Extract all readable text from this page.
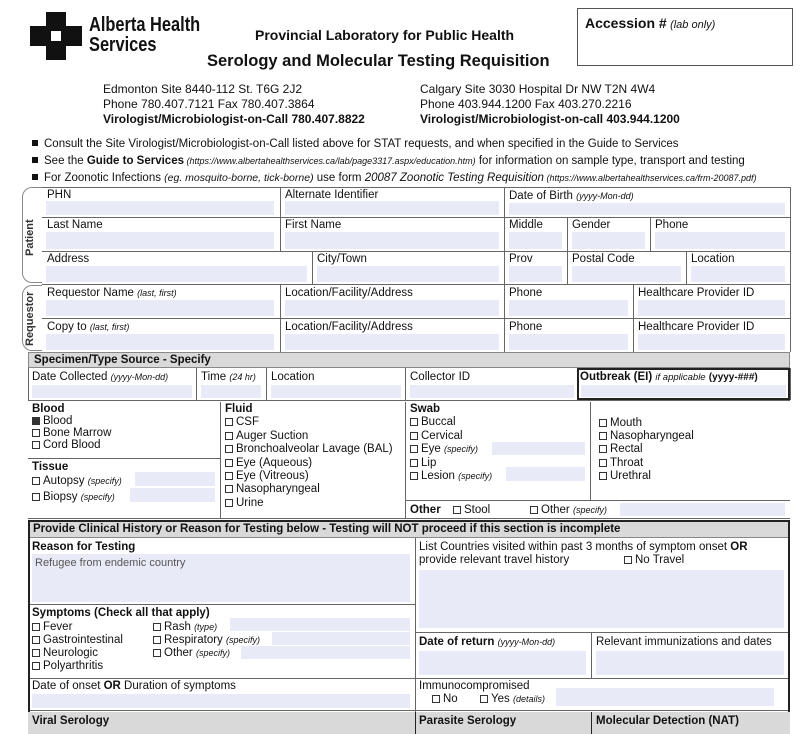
Alberta Health
Services	Provincial Laboratory for Public Health
Serology and Molecular Testing Requisition
Accession # (lab only)
Edmonton Site 8440-112 St. T6G 2J2
Phone 780.407.7121 Fax 780.407.3864
Virologist/Microbiologist-on-Call 780.407.8822
Calgary Site 3030 Hospital Dr NW T2N 4W4
Phone 403.944.1200 Fax 403.270.2216
Virologist/Microbiologist-on-call 403.944.1200
Consult the Site Virologist/Microbiologist-on-Call listed above for STAT requests, and when specified in the Guide to Services
See the Guide to Services (https://www.albertahealthservices.ca/lab/page3317.aspx/education.htm) for information on sample type, transport and testing
For Zoonotic Infections (eg. mosquito-borne, tick-borne) use form 20087 Zoonotic Testing Requisition (https://www.albertahealthservices.ca/frm-20087.pdf)
Patient
Requestor
PHN	Alternate Identifier	Date of Birth (yyyy-Mon-dd)
Last Name	First Name	Middle	Gender	Phone
Address	City/Town	Prov	Postal Code	Location
Requestor Name (last, first)	Location/Facility/Address	Phone	Healthcare Provider ID
Copy to (last, first)	Location/Facility/Address	Phone	Healthcare Provider ID
Specimen/Type Source - Specify
Date Collected (yyyy-Mon-dd)	Time (24 hr) Location	Collector ID	Outbreak (EI) if applicable (yyyy-###)
Blood
Blood
Bone Marrow
Cord Blood
Tissue
Autopsy (specify)
Biopsy (specify)
Fluid
CSF
Auger Suction
Bronchoalveolar Lavage (BAL)
Eye (Aqueous)
Eye (Vitreous)
Nasopharyngeal
Urine
Swab
Buccal
Cervical
Eye (specify)
Lip
Lesion (specify)
Mouth
Nasopharyngeal
Rectal
Throat
Urethral
Other	Stool	Other (specify)
Provide Clinical History or Reason for Testing below - Testing will NOT proceed if this section is incomplete
Reason for Testing
Refugee from endemic country
List Countries visited within past 3 months of symptom onset OR
provide relevant travel history	No Travel
Symptoms (Check all that apply)
Fever
Gastrointestinal
Neurologic
Polyarthritis
Rash (type)
Respiratory (specify)
Other (specify)
Date of return (yyyy-Mon-dd)	Relevant immunizations and dates
Date of onset OR Duration of symptoms	Immunocompromised
No	Yes (details)
Viral Serology	Parasite Serology	Molecular Detection (NAT)
